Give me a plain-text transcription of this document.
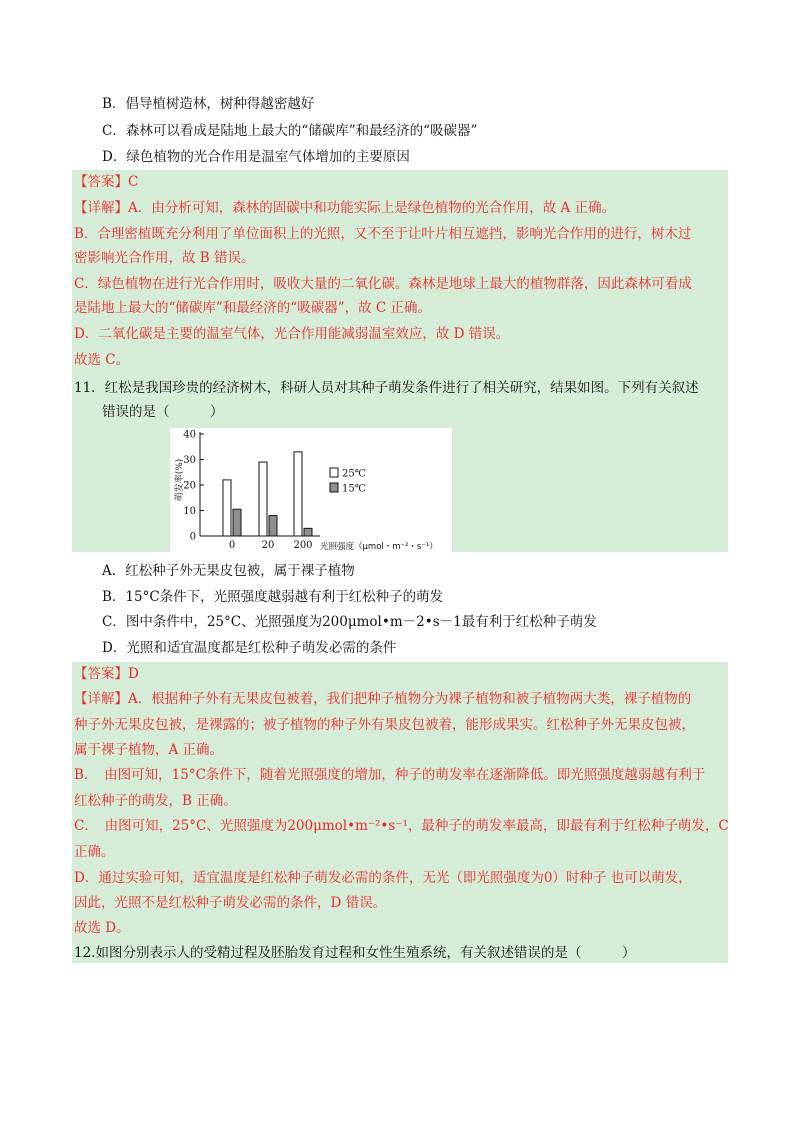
B．倡导植树造林，树种得越密越好
C．森林可以看成是陆地上最大的“储碳库”和最经济的“吸碳器”
D．绿色植物的光合作用是温室气体增加的主要原因
【答案】C
【详解】A．由分析可知，森林的固碳中和功能实际上是绿色植物的光合作用，故 A 正确。
B．合理密植既充分利用了单位面积上的光照，又不至于让叶片相互遮挡，影响光合作用的进行，树木过
密影响光合作用，故 B 错误。
C．绿色植物在进行光合作用时，吸收大量的二氧化碳。森林是地球上最大的植物群落，因此森林可看成
是陆地上最大的“储碳库”和最经济的“吸碳器”，故 C 正确。
D．二氧化碳是主要的温室气体，光合作用能减弱温室效应，故 D 错误。
故选 C。
11．红松是我国珍贵的经济树木，科研人员对其种子萌发条件进行了相关研究，结果如图。下列有关叙述
错误的是（　　　）
0
10
20
30
40
萌发率(%)
0	20 200 光照强度（μmol・m⁻²・s⁻¹）
25℃
15℃
A．红松种子外无果皮包被，属于裸子植物
B．15°C条件下，光照强度越弱越有利于红松种子的萌发
C．图中条件中，25°C、光照强度为200μmol•m－2•s－1最有利于红松种子萌发
D．光照和适宜温度都是红松种子萌发必需的条件
【答案】D
【详解】A．根据种子外有无果皮包被着，我们把种子植物分为裸子植物和被子植物两大类，裸子植物的
种子外无果皮包被，是裸露的；被子植物的种子外有果皮包被着，能形成果实。红松种子外无果皮包被，
属于裸子植物，A 正确。
B．　由图可知，15°C条件下，随着光照强度的增加，种子的萌发率在逐渐降低。即光照强度越弱越有利于
红松种子的萌发，B 正确。
C．　由图可知，25°C、光照强度为200μmol•m⁻²•s⁻¹，最种子的萌发率最高，即最有利于红松种子萌发，C
正确。
D．通过实验可知，适宜温度是红松种子萌发必需的条件，无光（即光照强度为0）时种子 也可以萌发，
因此，光照不是红松种子萌发必需的条件，D 错误。
故选 D。
12.如图分别表示人的受精过程及胚胎发育过程和女性生殖系统，有关叙述错误的是（　　　）
